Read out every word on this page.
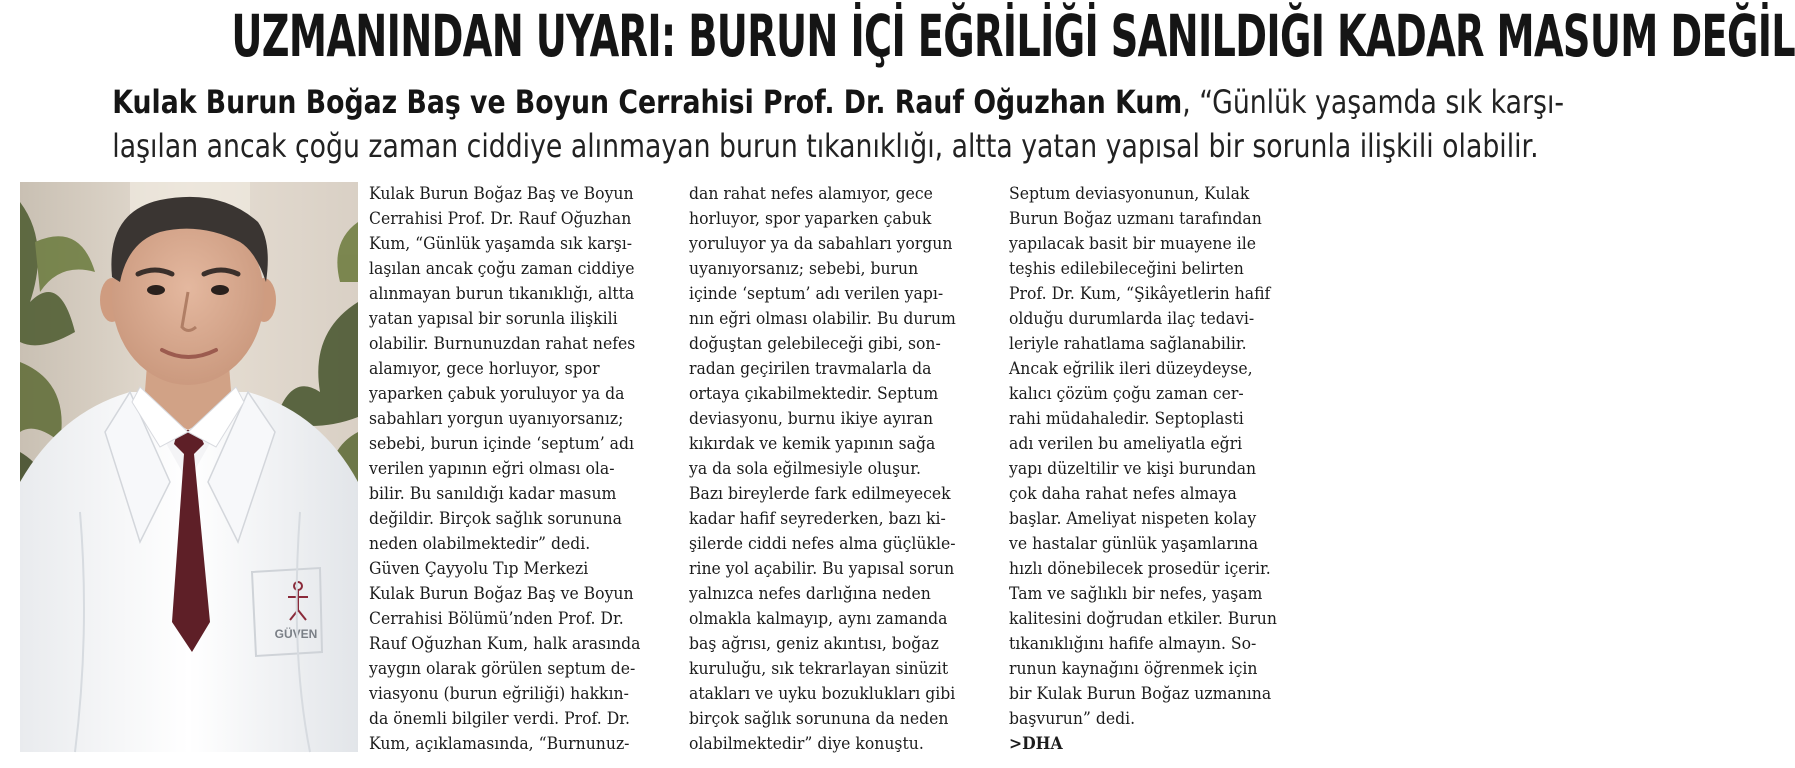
UZMANINDAN UYARI: BURUN İÇİ EĞRİLİĞİ SANILDIĞI KADAR MASUM DEĞİL
Kulak Burun Boğaz Baş ve Boyun Cerrahisi Prof. Dr. Rauf Oğuzhan Kum, “Günlük yaşamda sık karşı-
laşılan ancak çoğu zaman ciddiye alınmayan burun tıkanıklığı, altta yatan yapısal bir sorunla ilişkili olabilir.
GÜVEN
Kulak Burun Boğaz Baş ve Boyun
Cerrahisi Prof. Dr. Rauf Oğuzhan
Kum, “Günlük yaşamda sık karşı-
laşılan ancak çoğu zaman ciddiye
alınmayan burun tıkanıklığı, altta
yatan yapısal bir sorunla ilişkili
olabilir. Burnunuzdan rahat nefes
alamıyor, gece horluyor, spor
yaparken çabuk yoruluyor ya da
sabahları yorgun uyanıyorsanız;
sebebi, burun içinde ‘septum’ adı
verilen yapının eğri olması ola-
bilir. Bu sanıldığı kadar masum
değildir. Birçok sağlık sorununa
neden olabilmektedir” dedi.
Güven Çayyolu Tıp Merkezi
Kulak Burun Boğaz Baş ve Boyun
Cerrahisi Bölümü’nden Prof. Dr.
Rauf Oğuzhan Kum, halk arasında
yaygın olarak görülen septum de-
viasyonu (burun eğriliği) hakkın-
da önemli bilgiler verdi. Prof. Dr.
Kum, açıklamasında, “Burnunuz-
dan rahat nefes alamıyor, gece
horluyor, spor yaparken çabuk
yoruluyor ya da sabahları yorgun
uyanıyorsanız; sebebi, burun
içinde ‘septum’ adı verilen yapı-
nın eğri olması olabilir. Bu durum
doğuştan gelebileceği gibi, son-
radan geçirilen travmalarla da
ortaya çıkabilmektedir. Septum
deviasyonu, burnu ikiye ayıran
kıkırdak ve kemik yapının sağa
ya da sola eğilmesiyle oluşur.
Bazı bireylerde fark edilmeyecek
kadar hafif seyrederken, bazı ki-
şilerde ciddi nefes alma güçlükle-
rine yol açabilir. Bu yapısal sorun
yalnızca nefes darlığına neden
olmakla kalmayıp, aynı zamanda
baş ağrısı, geniz akıntısı, boğaz
kuruluğu, sık tekrarlayan sinüzit
atakları ve uyku bozuklukları gibi
birçok sağlık sorununa da neden
olabilmektedir” diye konuştu.
Septum deviasyonunun, Kulak
Burun Boğaz uzmanı tarafından
yapılacak basit bir muayene ile
teşhis edilebileceğini belirten
Prof. Dr. Kum, “Şikâyetlerin hafif
olduğu durumlarda ilaç tedavi-
leriyle rahatlama sağlanabilir.
Ancak eğrilik ileri düzeydeyse,
kalıcı çözüm çoğu zaman cer-
rahi müdahaledir. Septoplasti
adı verilen bu ameliyatla eğri
yapı düzeltilir ve kişi burundan
çok daha rahat nefes almaya
başlar. Ameliyat nispeten kolay
ve hastalar günlük yaşamlarına
hızlı dönebilecek prosedür içerir.
Tam ve sağlıklı bir nefes, yaşam
kalitesini doğrudan etkiler. Burun
tıkanıklığını hafife almayın. So-
runun kaynağını öğrenmek için
bir Kulak Burun Boğaz uzmanına
başvurun” dedi.
>DHA
